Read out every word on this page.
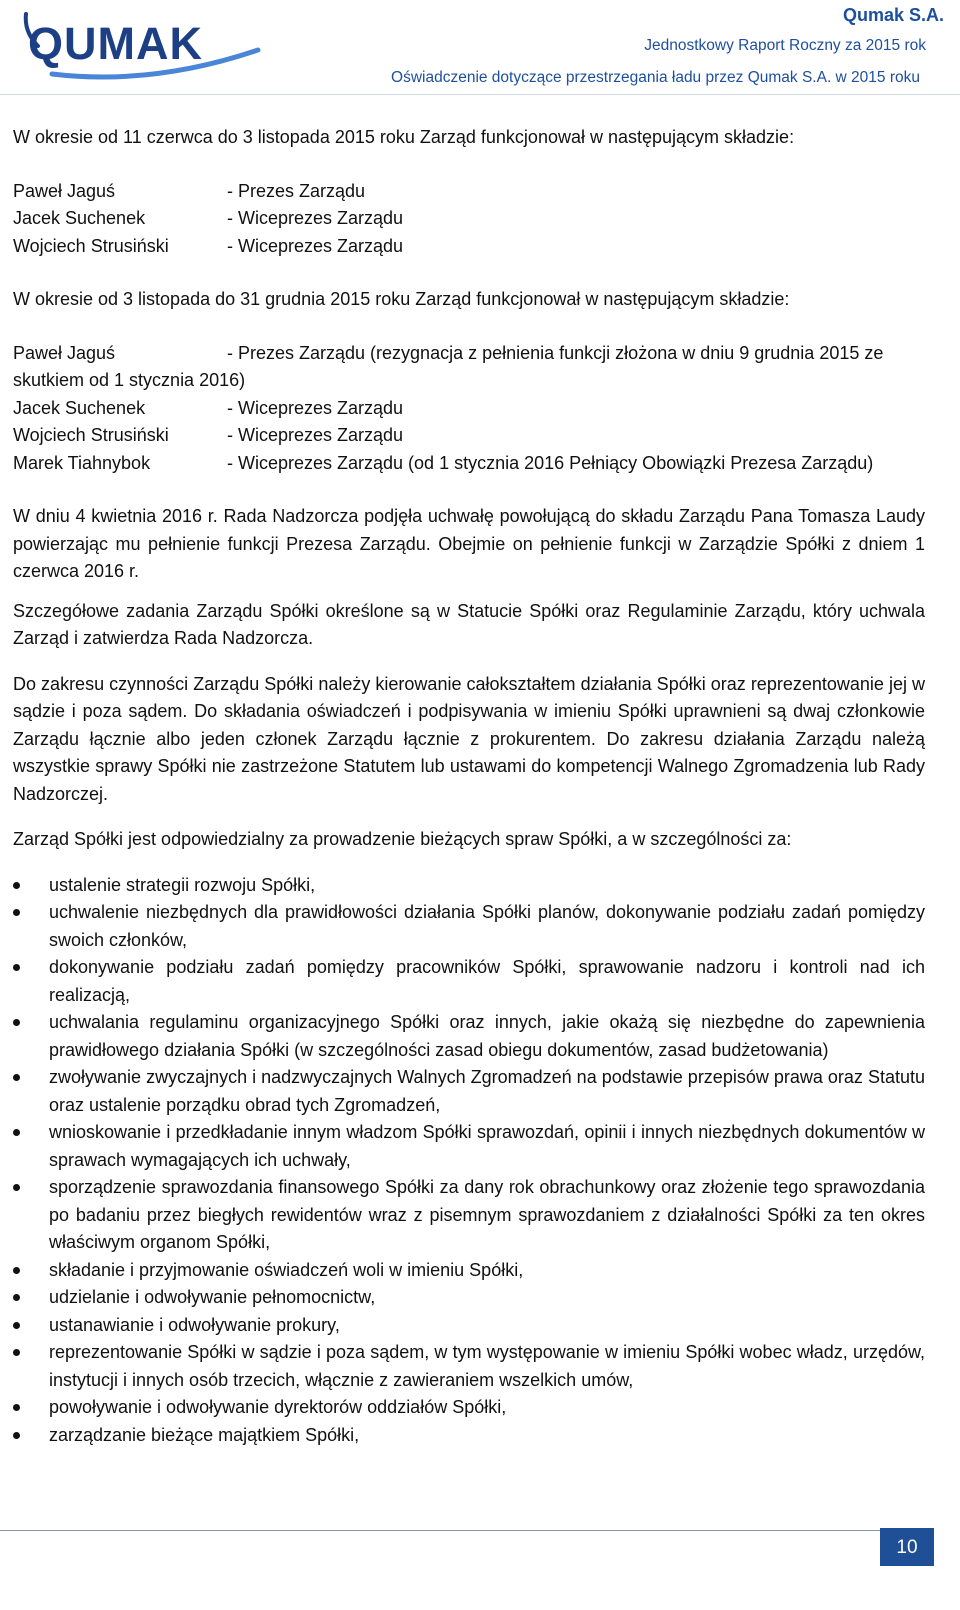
QUMAK
Qumak S.A.
Jednostkowy Raport Roczny za 2015 rok
Oświadczenie dotyczące przestrzegania ładu przez Qumak S.A. w 2015 roku

W okresie od 11 czerwca do 3 listopada 2015 roku Zarząd funkcjonował w następującym składzie:

Paweł Jaguś	- Prezes Zarządu
Jacek Suchenek	- Wiceprezes Zarządu
Wojciech Strusiński	- Wiceprezes Zarządu

W okresie od 3 listopada do 31 grudnia 2015 roku Zarząd funkcjonował w następującym składzie:

Paweł Jaguś	- Prezes Zarządu (rezygnacja z pełnienia funkcji złożona w dniu 9 grudnia 2015 ze skutkiem od 1 stycznia 2016)

Jacek Suchenek	- Wiceprezes Zarządu

Wojciech Strusiński	- Wiceprezes Zarządu

Marek Tiahnybok	- Wiceprezes Zarządu (od 1 stycznia 2016 Pełniący Obowiązki Prezesa Zarządu)

W dniu 4 kwietnia 2016 r. Rada Nadzorcza podjęła uchwałę powołującą do składu Zarządu Pana Tomasza Laudy powierzając mu pełnienie funkcji Prezesa Zarządu. Obejmie on pełnienie funkcji w Zarządzie Spółki z dniem 1 czerwca 2016 r.

Szczegółowe zadania Zarządu Spółki określone są w Statucie Spółki oraz Regulaminie Zarządu, który uchwala Zarząd i zatwierdza Rada Nadzorcza.

Do zakresu czynności Zarządu Spółki należy kierowanie całokształtem działania Spółki oraz reprezentowanie jej w sądzie i poza sądem. Do składania oświadczeń i podpisywania w imieniu Spółki uprawnieni są dwaj członkowie Zarządu łącznie albo jeden członek Zarządu łącznie z prokurentem. Do zakresu działania Zarządu należą wszystkie sprawy Spółki nie zastrzeżone Statutem lub ustawami do kompetencji Walnego Zgromadzenia lub Rady Nadzorczej.

Zarząd Spółki jest odpowiedzialny za prowadzenie bieżących spraw Spółki, a w szczególności za:

ustalenie strategii rozwoju Spółki,
uchwalenie niezbędnych dla prawidłowości działania Spółki planów, dokonywanie podziału zadań pomiędzy swoich członków,
dokonywanie podziału zadań pomiędzy pracowników Spółki, sprawowanie nadzoru i kontroli nad ich realizacją,
uchwalania regulaminu organizacyjnego Spółki oraz innych, jakie okażą się niezbędne do zapewnienia prawidłowego działania Spółki (w szczególności zasad obiegu dokumentów, zasad budżetowania)
zwoływanie zwyczajnych i nadzwyczajnych Walnych Zgromadzeń na podstawie przepisów prawa oraz Statutu oraz ustalenie porządku obrad tych Zgromadzeń,
wnioskowanie i przedkładanie innym władzom Spółki sprawozdań, opinii i innych niezbędnych dokumentów w sprawach wymagających ich uchwały,
sporządzenie sprawozdania finansowego Spółki za dany rok obrachunkowy oraz złożenie tego sprawozdania po badaniu przez biegłych rewidentów wraz z pisemnym sprawozdaniem z działalności Spółki za ten okres właściwym organom Spółki,
składanie i przyjmowanie oświadczeń woli w imieniu Spółki,
udzielanie i odwoływanie pełnomocnictw,
ustanawianie i odwoływanie prokury,
reprezentowanie Spółki w sądzie i poza sądem, w tym występowanie w imieniu Spółki wobec władz, urzędów, instytucji i innych osób trzecich, włącznie z zawieraniem wszelkich umów,
powoływanie i odwoływanie dyrektorów oddziałów Spółki,
zarządzanie bieżące majątkiem Spółki,
10
